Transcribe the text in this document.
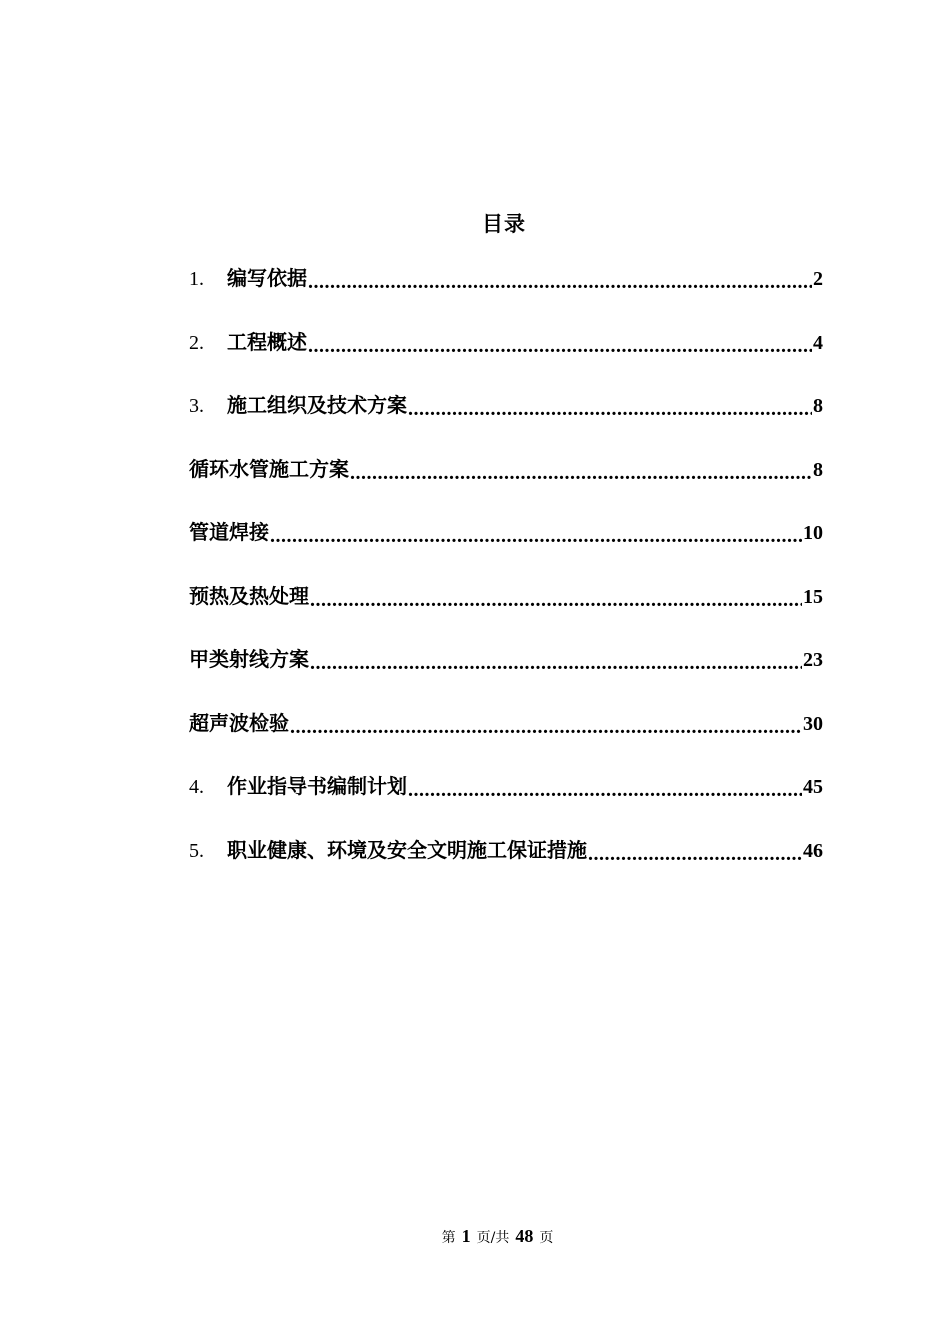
目录
1.	编写依据 .....	2
2.	工程概述 .....	4
3.	施工组织及技术方案 .....	8
循环水管施工方案 .....	8
管道焊接 .....	10
预热及热处理 .....	15
甲类射线方案 .....	23
超声波检验 .....	30
4.	作业指导书编制计划 .....	45
5.	职业健康、环境及安全文明施工保证措施 .....	46
第 1 页/共 48 页
